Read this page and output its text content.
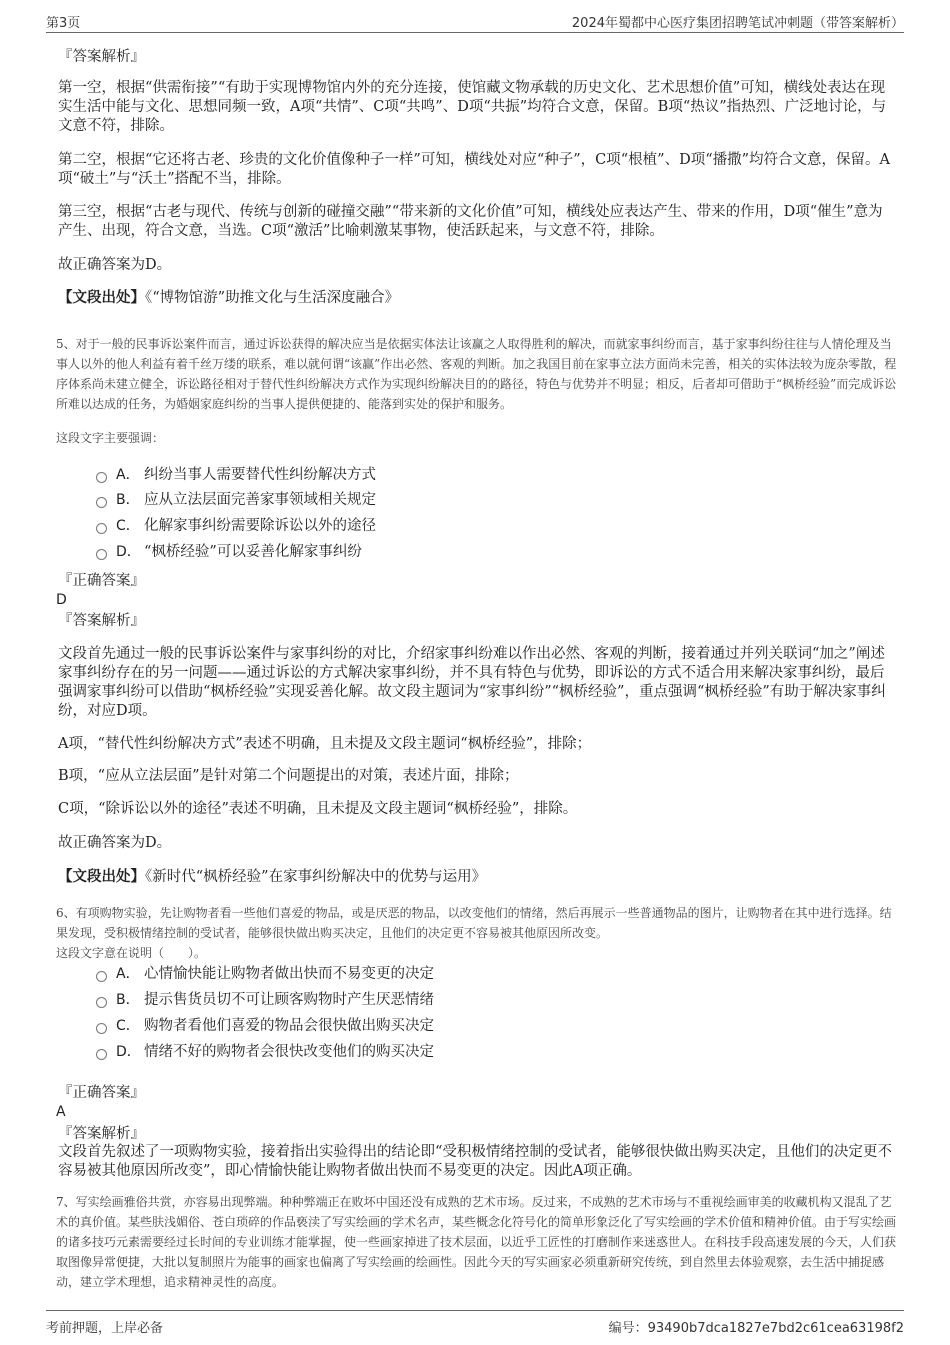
第3页	2024年蜀都中心医疗集团招聘笔试冲刺题（带答案解析）
『答案解析』
第一空，根据“供需衔接”“有助于实现博物馆内外的充分连接，使馆藏文物承载的历史文化、艺术思想价值”可知，横线处表达在现实生活中能与文化、思想同频一致，A项“共情”、C项“共鸣”、D项“共振”均符合文意，保留。B项“热议”指热烈、广泛地讨论，与文意不符，排除。
第二空，根据“它还将古老、珍贵的文化价值像种子一样”可知，横线处对应“种子”，C项“根植”、D项“播撒”均符合文意，保留。A项“破土”与“沃土”搭配不当，排除。
第三空，根据“古老与现代、传统与创新的碰撞交融”“带来新的文化价值”可知，横线处应表达产生、带来的作用，D项“催生”意为产生、出现，符合文意，当选。C项“激活”比喻刺激某事物，使活跃起来，与文意不符，排除。
故正确答案为D。
【文段出处】《“博物馆游”助推文化与生活深度融合》
5、对于一般的民事诉讼案件而言，通过诉讼获得的解决应当是依据实体法让该赢之人取得胜利的解决，而就家事纠纷而言，基于家事纠纷往往与人情伦理及当事人以外的他人利益有着千丝万缕的联系，难以就何谓“该赢”作出必然、客观的判断。加之我国目前在家事立法方面尚未完善，相关的实体法较为庞杂零散，程序体系尚未建立健全，诉讼路径相对于替代性纠纷解决方式作为实现纠纷解决目的的路径，特色与优势并不明显；相反，后者却可借助于“枫桥经验”而完成诉讼所难以达成的任务，为婚姻家庭纠纷的当事人提供便捷的、能落到实处的保护和服务。
这段文字主要强调：
A． 纠纷当事人需要替代性纠纷解决方式
B． 应从立法层面完善家事领域相关规定
C． 化解家事纠纷需要除诉讼以外的途径
D． “枫桥经验”可以妥善化解家事纠纷
『正确答案』
D
『答案解析』
文段首先通过一般的民事诉讼案件与家事纠纷的对比，介绍家事纠纷难以作出必然、客观的判断，接着通过并列关联词“加之”阐述家事纠纷存在的另一问题——通过诉讼的方式解决家事纠纷，并不具有特色与优势，即诉讼的方式不适合用来解决家事纠纷，最后强调家事纠纷可以借助“枫桥经验”实现妥善化解。故文段主题词为“家事纠纷”“枫桥经验”，重点强调“枫桥经验”有助于解决家事纠纷，对应D项。
A项，“替代性纠纷解决方式”表述不明确，且未提及文段主题词“枫桥经验”，排除；
B项，“应从立法层面”是针对第二个问题提出的对策，表述片面，排除；
C项，“除诉讼以外的途径”表述不明确，且未提及文段主题词“枫桥经验”，排除。
故正确答案为D。
【文段出处】《新时代“枫桥经验”在家事纠纷解决中的优势与运用》
6、有项购物实验，先让购物者看一些他们喜爱的物品，或是厌恶的物品，以改变他们的情绪，然后再展示一些普通物品的图片，让购物者在其中进行选择。结果发现，受积极情绪控制的受试者，能够很快做出购买决定，且他们的决定更不容易被其他原因所改变。
这段文字意在说明（　　）。
A． 心情愉快能让购物者做出快而不易变更的决定
B． 提示售货员切不可让顾客购物时产生厌恶情绪
C． 购物者看他们喜爱的物品会很快做出购买决定
D． 情绪不好的购物者会很快改变他们的购买决定
『正确答案』
A
『答案解析』
文段首先叙述了一项购物实验，接着指出实验得出的结论即“受积极情绪控制的受试者，能够很快做出购买决定，且他们的决定更不容易被其他原因所改变”，即心情愉快能让购物者做出快而不易变更的决定。因此A项正确。
7、写实绘画雅俗共赏，亦容易出现弊端。种种弊端正在败坏中国还没有成熟的艺术市场。反过来，不成熟的艺术市场与不重视绘画审美的收藏机构又混乱了艺术的真价值。某些肤浅媚俗、苍白琐碎的作品亵渎了写实绘画的学术名声，某些概念化符号化的简单形象泛化了写实绘画的学术价值和精神价值。由于写实绘画的诸多技巧元素需要经过长时间的专业训练才能掌握，使一些画家掉进了技术层面，以近乎工匠性的打磨制作来迷惑世人。在科技手段高速发展的今天，人们获取图像异常便捷，大批以复制照片为能事的画家也偏离了写实绘画的绘画性。因此今天的写实画家必须重新研究传统，到自然里去体验观察，去生活中捕捉感动，建立学术理想，追求精神灵性的高度。
考前押题，上岸必备	编号：93490b7dca1827e7bd2c61cea63198f2
